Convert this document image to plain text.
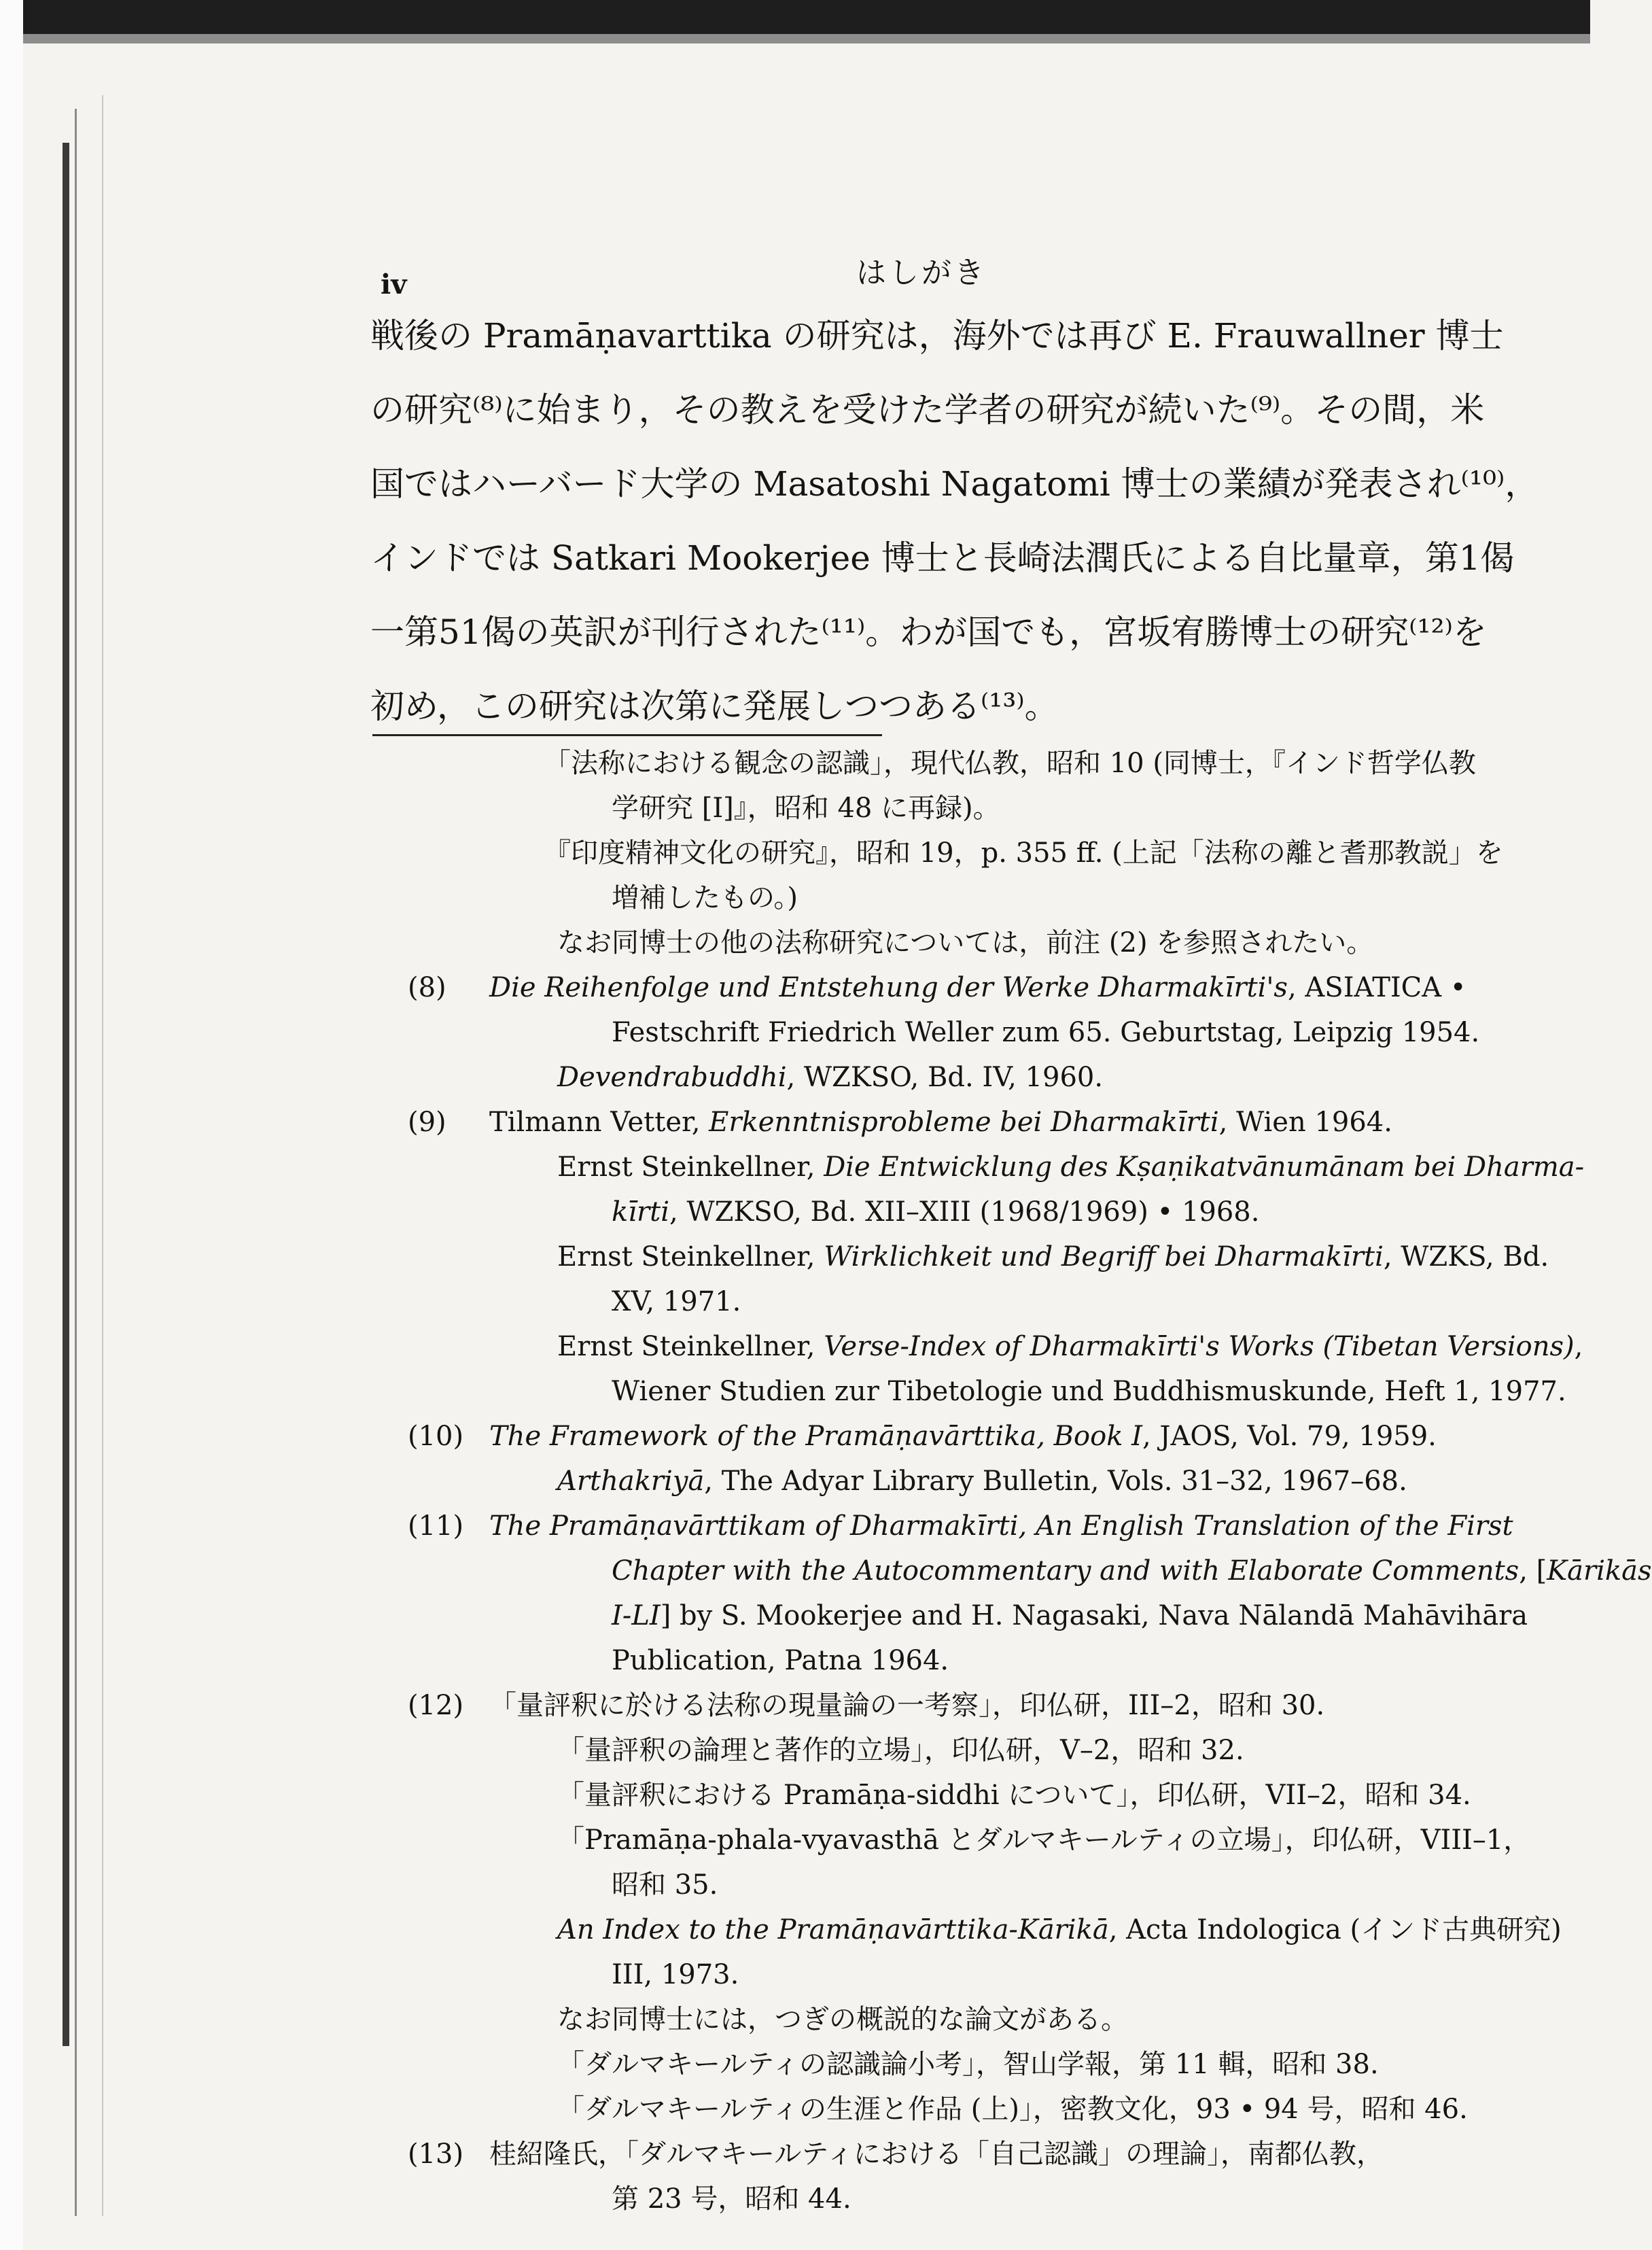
iv	はしがき
戦後の Pramāṇavarttika の研究は，海外では再び E. Frauwallner 博士
の研究⁽⁸⁾に始まり，その教えを受けた学者の研究が続いた⁽⁹⁾。その間，米
国ではハーバード大学の Masatoshi Nagatomi 博士の業績が発表され⁽¹⁰⁾，
インドでは Satkari Mookerjee 博士と長崎法潤氏による自比量章，第1偈
一第51偈の英訳が刊行された⁽¹¹⁾。わが国でも，宮坂宥勝博士の研究⁽¹²⁾を
初め，この研究は次第に発展しつつある⁽¹³⁾。
「法称における観念の認識」，現代仏教，昭和 10 (同博士，『インド哲学仏教
学研究 [I]』，昭和 48 に再録)。
『印度精神文化の研究』，昭和 19，p. 355 ff. (上記「法称の離と耆那教説」を
増補したもの。)
なお同博士の他の法称研究については，前注 (2) を参照されたい。
(8) Die Reihenfolge und Entstehung der Werke Dharmakīrti's, ASIATICA •
Festschrift Friedrich Weller zum 65. Geburtstag, Leipzig 1954.
Devendrabuddhi, WZKSO, Bd. IV, 1960.
(9) Tilmann Vetter, Erkenntnisprobleme bei Dharmakīrti, Wien 1964.
Ernst Steinkellner, Die Entwicklung des Kṣaṇikatvānumānam bei Dharma-
kīrti, WZKSO, Bd. XII–XIII (1968/1969) • 1968.
Ernst Steinkellner, Wirklichkeit und Begriff bei Dharmakīrti, WZKS, Bd.
XV, 1971.
Ernst Steinkellner, Verse-Index of Dharmakīrti's Works (Tibetan Versions),
Wiener Studien zur Tibetologie und Buddhismuskunde, Heft 1, 1977.
(10) The Framework of the Pramāṇavārttika, Book I, JAOS, Vol. 79, 1959.
Arthakriyā, The Adyar Library Bulletin, Vols. 31–32, 1967–68.
(11) The Pramāṇavārttikam of Dharmakīrti, An English Translation of the First
Chapter with the Autocommentary and with Elaborate Comments, [Kārikās
I-LI] by S. Mookerjee and H. Nagasaki, Nava Nālandā Mahāvihāra
Publication, Patna 1964.
(12) 「量評釈に於ける法称の現量論の一考察」，印仏研，III–2，昭和 30.
「量評釈の論理と著作的立場」，印仏研，V–2，昭和 32.
「量評釈における Pramāṇa-siddhi について」，印仏研，VII–2，昭和 34.
「Pramāṇa-phala-vyavasthā とダルマキールティの立場」，印仏研，VIII–1，
昭和 35.
An Index to the Pramāṇavārttika-Kārikā, Acta Indologica (インド古典研究)
III, 1973.
なお同博士には，つぎの概説的な論文がある。
「ダルマキールティの認識論小考」，智山学報，第 11 輯，昭和 38.
「ダルマキールティの生涯と作品 (上)」，密教文化，93 • 94 号，昭和 46.
(13) 桂紹隆氏，「ダルマキールティにおける「自己認識」の理論」，南都仏教，
第 23 号，昭和 44.
